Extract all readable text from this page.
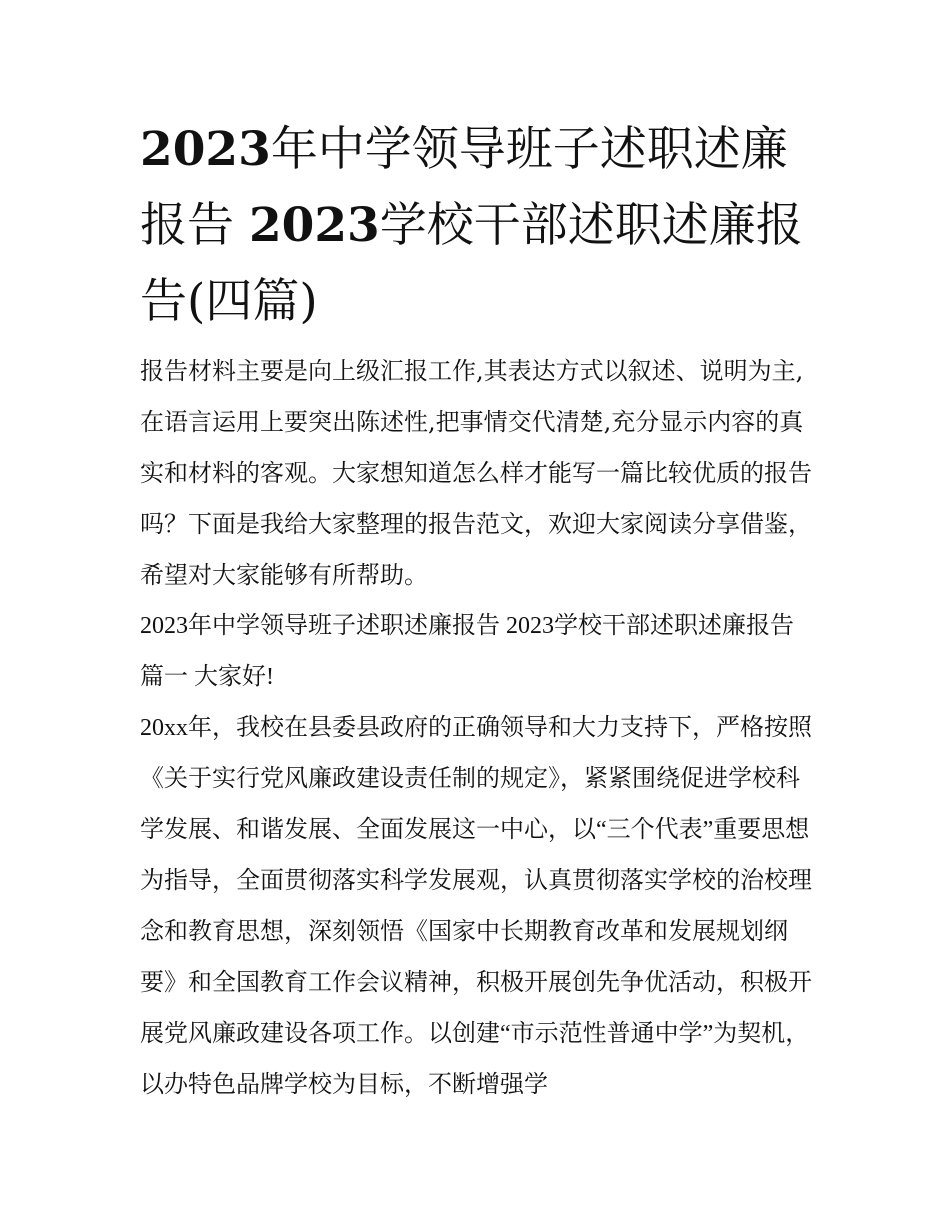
2023年中学领导班子述职述廉报告 2023学校干部述职述廉报告(四篇)

报告材料主要是向上级汇报工作,其表达方式以叙述、说明为主,在语言运用上要突出陈述性,把事情交代清楚,充分显示内容的真实和材料的客观。大家想知道怎么样才能写一篇比较优质的报告吗？下面是我给大家整理的报告范文，欢迎大家阅读分享借鉴，希望对大家能够有所帮助。

2023年中学领导班子述职述廉报告 2023学校干部述职述廉报告篇一 大家好!

20xx年，我校在县委县政府的正确领导和大力支持下，严格按照《关于实行党风廉政建设责任制的规定》，紧紧围绕促进学校科学发展、和谐发展、全面发展这一中心，以“三个代表”重要思想为指导，全面贯彻落实科学发展观，认真贯彻落实学校的治校理念和教育思想，深刻领悟《国家中长期教育改革和发展规划纲要》和全国教育工作会议精神，积极开展创先争优活动，积极开展党风廉政建设各项工作。以创建“市示范性普通中学”为契机，以办特色品牌学校为目标，不断增强学
